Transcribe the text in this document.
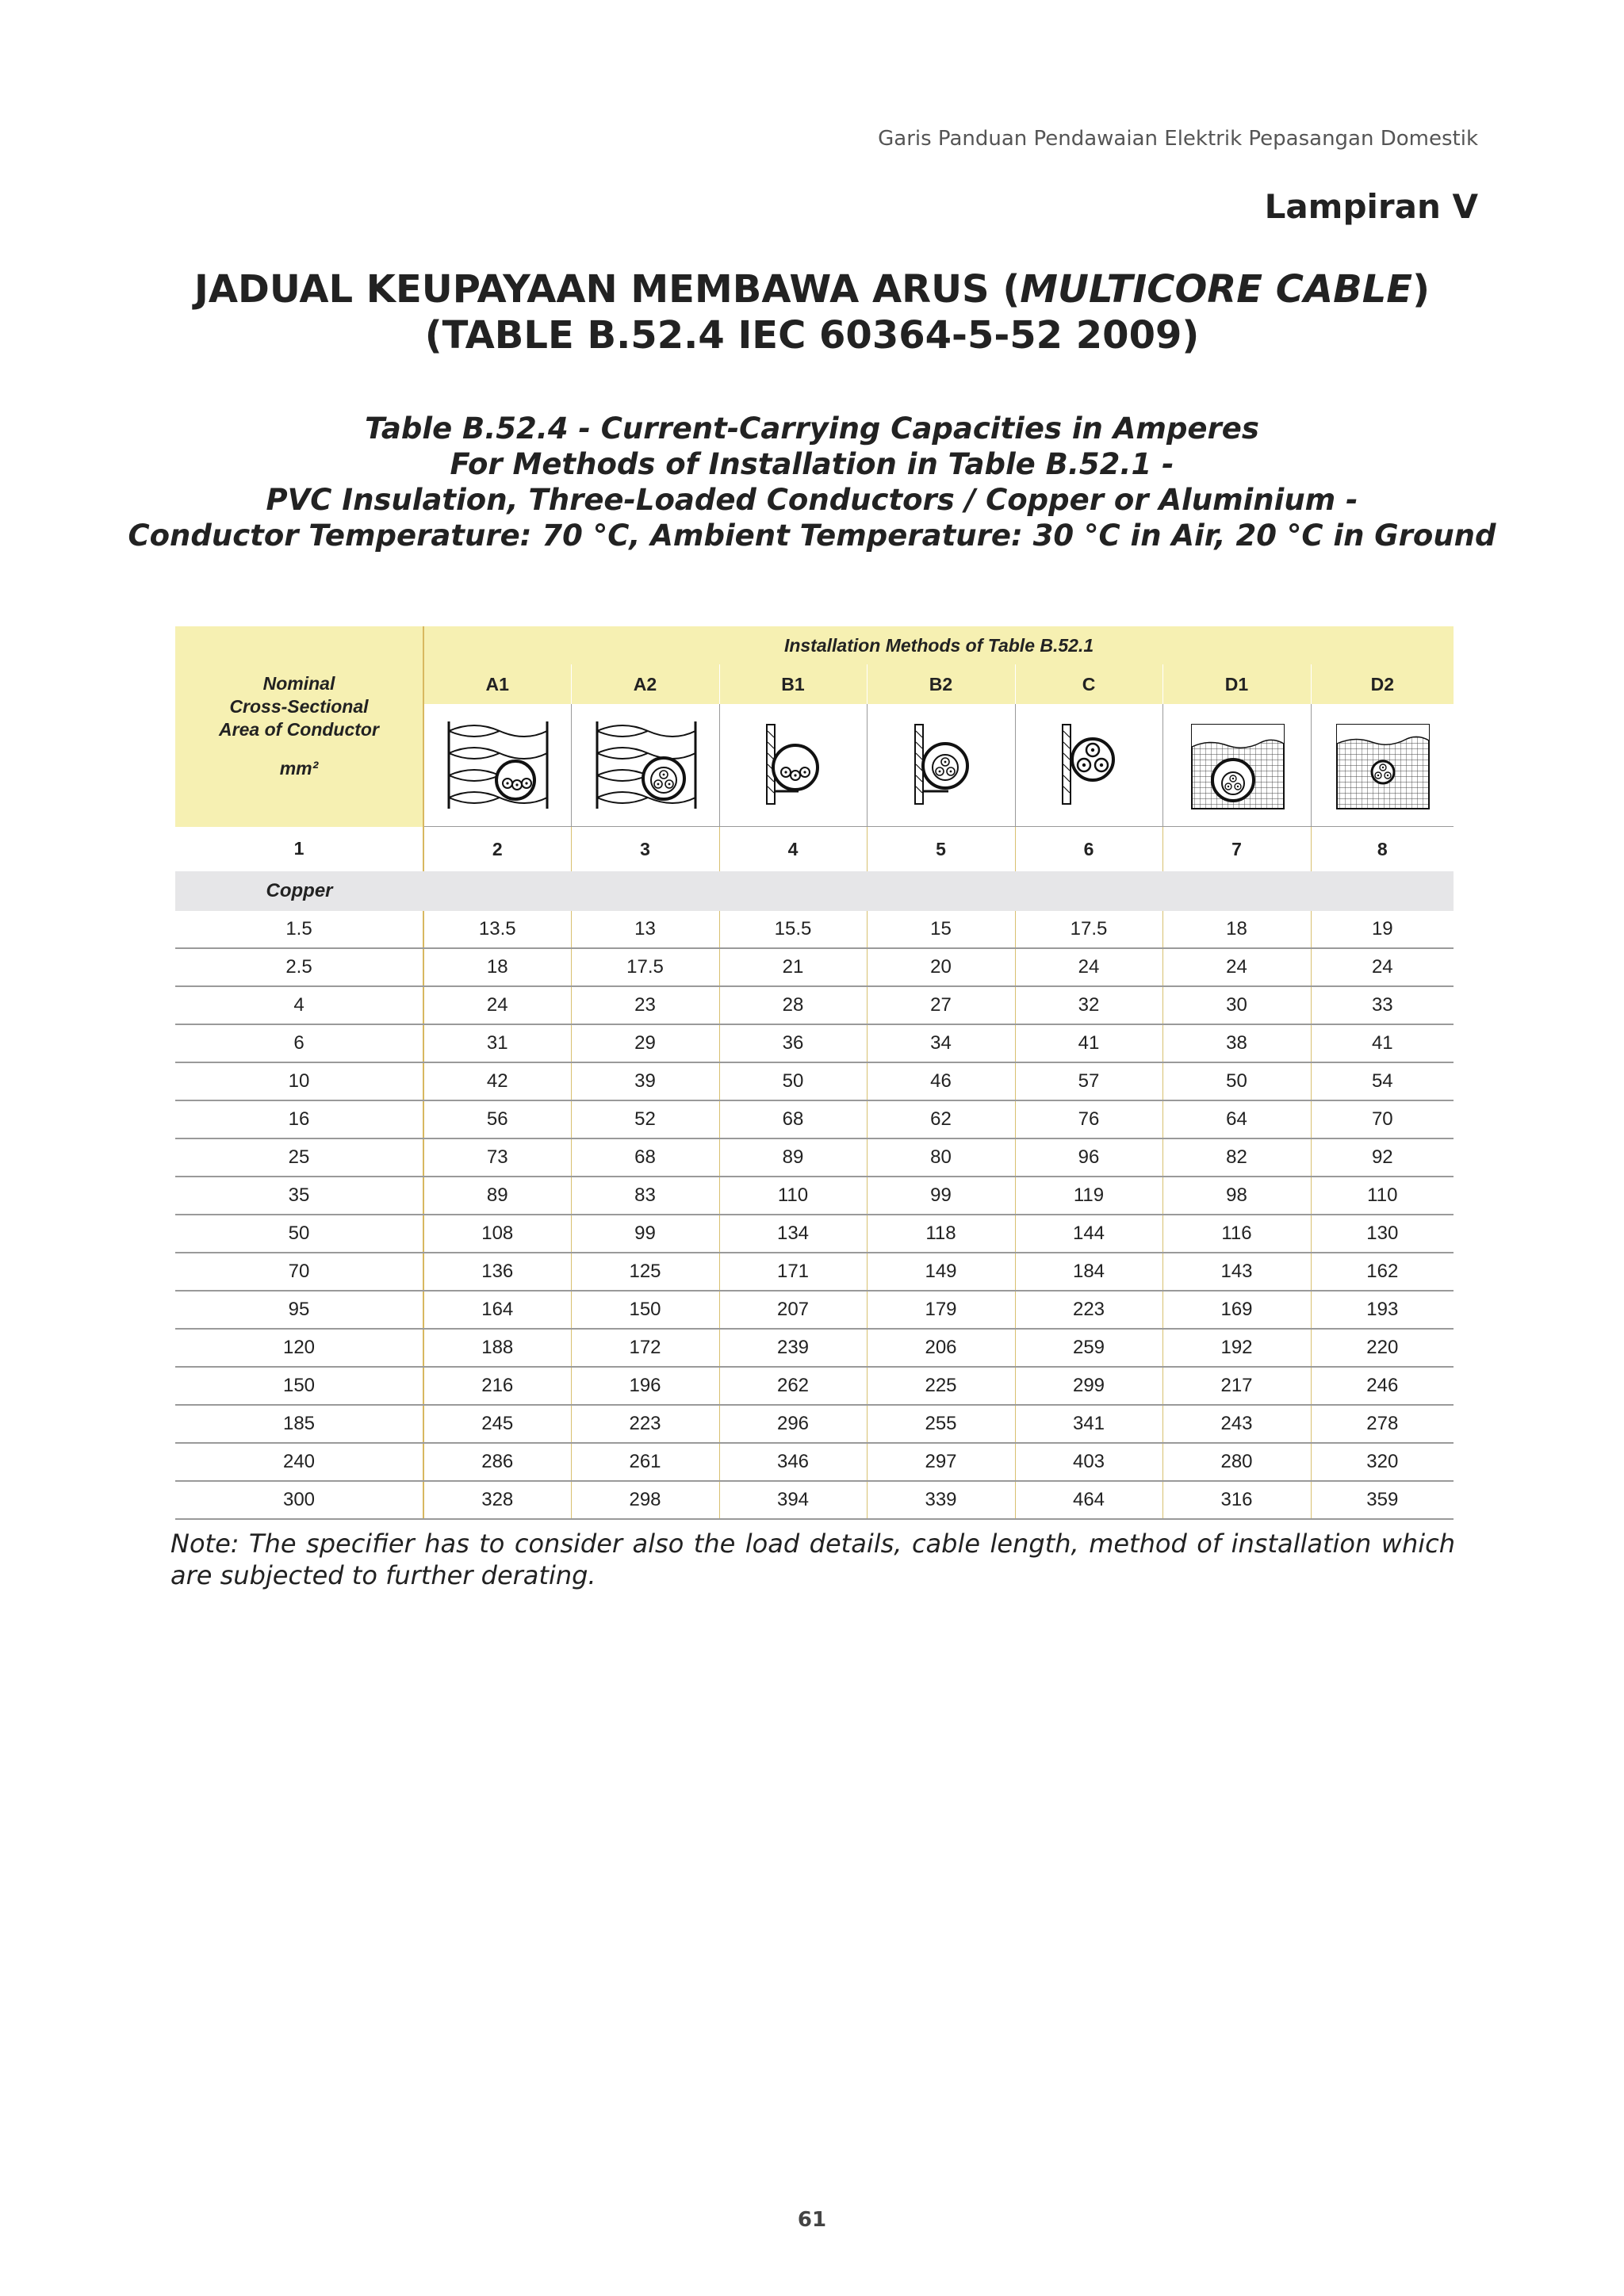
Garis Panduan Pendawaian Elektrik Pepasangan Domestik
Lampiran V
JADUAL KEUPAYAAN MEMBAWA ARUS (MULTICORE CABLE)
(TABLE B.52.4 IEC 60364-5-52 2009)
Table B.52.4 - Current-Carrying Capacities in Amperes
For Methods of Installation in Table B.52.1 -
PVC Insulation, Three-Loaded Conductors / Copper or Aluminium -
Conductor Temperature: 70 °C, Ambient Temperature: 30 °C in Air, 20 °C in Ground
Nominal
Cross-Sectional
Area of Conductor
mm²	Installation Methods of Table B.52.1						
	A1	A2	B1	B2	C	D1	D2

1	2	3	4	5	6	7	8
Copper							
1.5	13.5	13	15.5	15	17.5	18	19
2.5	18	17.5	21	20	24	24	24
4	24	23	28	27	32	30	33
6	31	29	36	34	41	38	41
10	42	39	50	46	57	50	54
16	56	52	68	62	76	64	70
25	73	68	89	80	96	82	92
35	89	83	110	99	119	98	110
50	108	99	134	118	144	116	130
70	136	125	171	149	184	143	162
95	164	150	207	179	223	169	193
120	188	172	239	206	259	192	220
150	216	196	262	225	299	217	246
185	245	223	296	255	341	243	278
240	286	261	346	297	403	280	320
300	328	298	394	339	464	316	359
Note: The specifier has to consider also the load details, cable length, method of installation which are subjected to further derating.
61
